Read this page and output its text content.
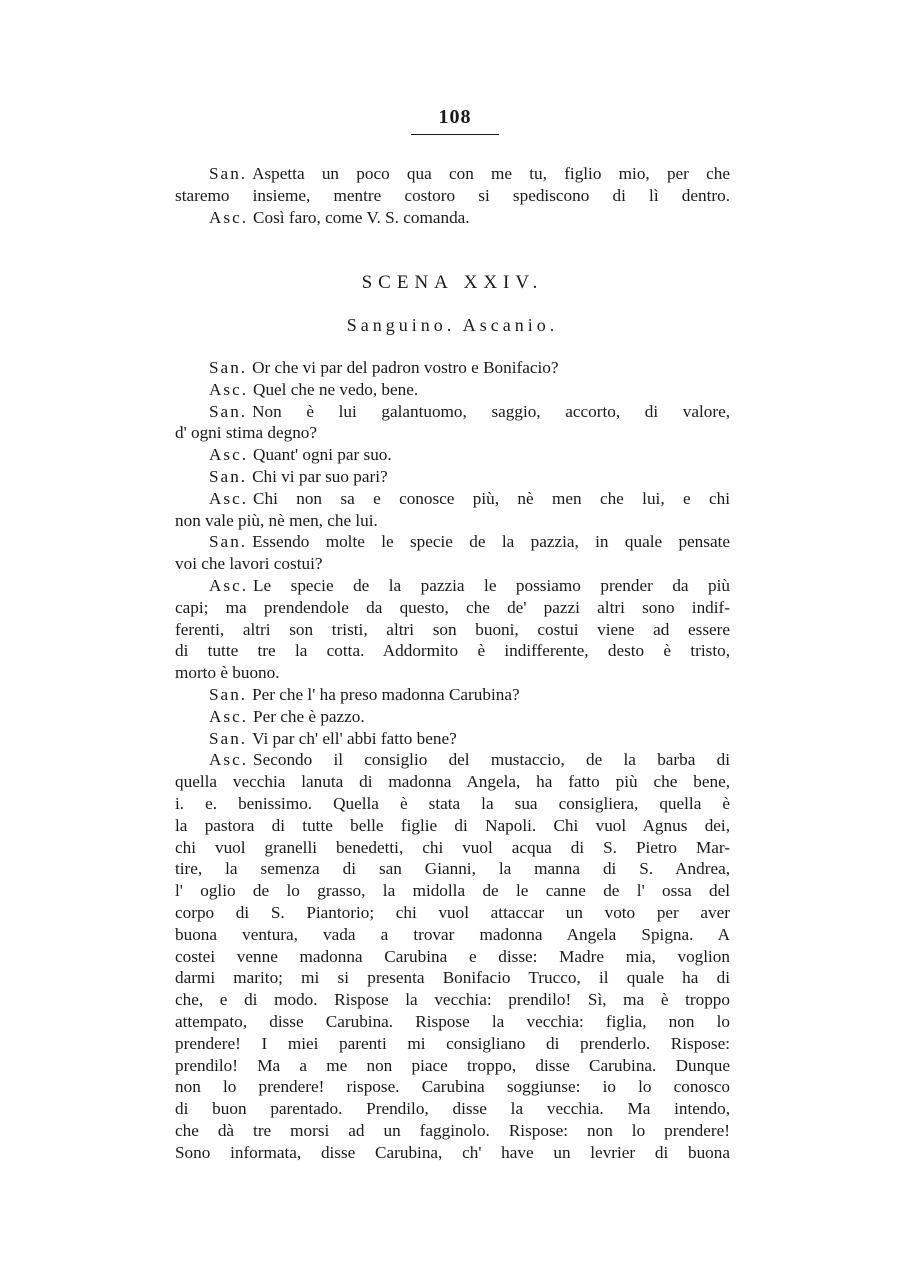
108
San. Aspetta un poco qua con me tu, figlio mio, per che
staremo insieme, mentre costoro si spediscono di lì dentro.
Asc. Così faro, come V. S. comanda.
SCENA XXIV.
Sanguino. Ascanio.
San. Or che vi par del padron vostro e Bonifacio?
Asc. Quel che ne vedo, bene.
San. Non è lui galantuomo, saggio, accorto, di valore,
d' ogni stima degno?
Asc. Quant' ogni par suo.
San. Chi vi par suo pari?
Asc. Chi non sa e conosce più, nè men che lui, e chi
non vale più, nè men, che lui.
San. Essendo molte le specie de la pazzia, in quale pensate
voi che lavori costui?
Asc. Le specie de la pazzia le possiamo prender da più
capi; ma prendendole da questo, che de' pazzi altri sono indif-
ferenti, altri son tristi, altri son buoni, costui viene ad essere
di tutte tre la cotta. Addormito è indifferente, desto è tristo,
morto è buono.
San. Per che l' ha preso madonna Carubina?
Asc. Per che è pazzo.
San. Vi par ch' ell' abbi fatto bene?
Asc. Secondo il consiglio del mustaccio, de la barba di
quella vecchia lanuta di madonna Angela, ha fatto più che bene,
i. e. benissimo. Quella è stata la sua consigliera, quella è
la pastora di tutte belle figlie di Napoli. Chi vuol Agnus dei,
chi vuol granelli benedetti, chi vuol acqua di S. Pietro Mar-
tire, la semenza di san Gianni, la manna di S. Andrea,
l' oglio de lo grasso, la midolla de le canne de l' ossa del
corpo di S. Piantorio; chi vuol attaccar un voto per aver
buona ventura, vada a trovar madonna Angela Spigna. A
costei venne madonna Carubina e disse: Madre mia, voglion
darmi marito; mi si presenta Bonifacio Trucco, il quale ha di
che, e di modo. Rispose la vecchia: prendilo! Sì, ma è troppo
attempato, disse Carubina. Rispose la vecchia: figlia, non lo
prendere! I miei parenti mi consigliano di prenderlo. Rispose:
prendilo! Ma a me non piace troppo, disse Carubina. Dunque
non lo prendere! rispose. Carubina soggiunse: io lo conosco
di buon parentado. Prendilo, disse la vecchia. Ma intendo,
che dà tre morsi ad un fagginolo. Rispose: non lo prendere!
Sono informata, disse Carubina, ch' have un levrier di buona
